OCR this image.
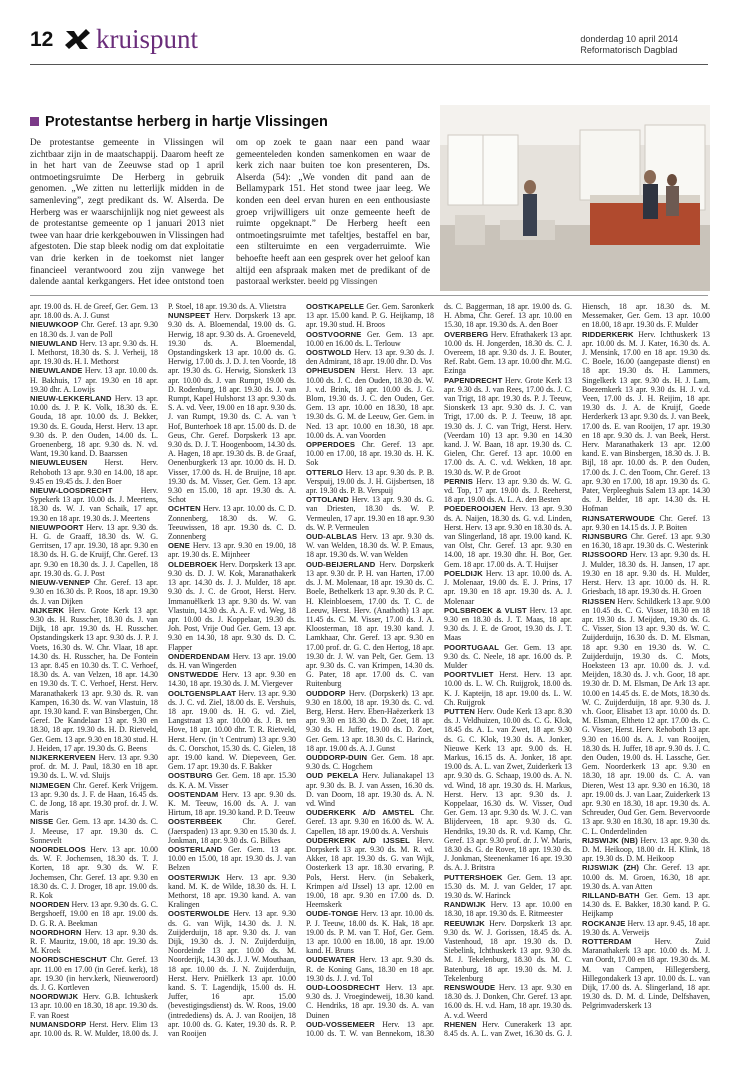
12 kruispunt	donderdag 10 april 2014
Reformatorisch Dagblad
Protestantse herberg in hartje Vlissingen
De protestantse gemeente in Vlissingen wil zichtbaar zijn in de maatschappij. Daarom heeft ze in het hart van de Zeeuwse stad op 1 april ontmoetingsruimte De Herberg in gebruik genomen. „We zitten nu letterlijk midden in de samenleving”, zegt predikant ds. W. Alserda. De Herberg was er waarschijnlijk nog niet geweest als de protestantse gemeente op 1 januari 2013 niet twee van haar drie kerkgebouwen in Vlissingen had afgestoten. Die stap bleek nodig om dat exploitatie van drie kerken in de toekomst niet langer financieel verantwoord zou zijn vanwege het dalende aantal kerkgangers. Het idee ontstond toen om op zoek te gaan naar een pand waar gemeenteleden konden samenkomen en waar de kerk zich naar buiten toe kon presenteren, Ds. Alserda (54): „We vonden dit pand aan de Bellamypark 151. Het stond twee jaar leeg. We konden een deel ervan huren en een enthousiaste groep vrijwilligers uit onze gemeente heeft de ruimte opgeknapt.” De Herberg heeft een ontmoetingsruimte met tafeltjes, bestaffel en bar, een stilteruimte en een vergaderruimte. Wie behoefte heeft aan een gesprek over het geloof kan altijd een afspraak maken met de predikant of de pastoraal werkster. beeld pg Vlissingen

apr. 19.00 ds. H. de Greef, Ger. Gem. 13 apr. 18.00 ds. A. J. Gunst

NIEUWKOOP Chr. Geref. 13 apr. 9.30 en 18.30 ds. J. van de Poll

NIEUWLAND Herv. 13 apr. 9.30 ds. H. I. Methorst, 18.30 ds. S. J. Verheij, 18 apr. 19.30 ds. H. I. Methorst

NIEUWLANDE Herv. 13 apr. 10.00 ds. H. Bakhuis, 17 apr. 19.30 en 18 apr. 19.30 dhr. A. Lowijs

NIEUW-LEKKERLAND Herv. 13 apr. 10.00 ds. J. P. K. Volk, 18.30 ds. E. Gouda, 18 apr. 10.00 ds. J. Bekker, 19.30 ds. E. Gouda, Herst. Herv. 13 apr. 9.30 ds. P. den Ouden, 14.00 ds. L. Groenenberg, 18 apr. 9.30 ds. N. vd. Want, 19.30 kand. D. Baarssen

NIEUWLEUSEN Herst. Herv. Rehoboth 13 apr. 9.30 en 14.00, 18 apr. 9.45 en 19.45 ds. J. den Boer

NIEUW-LOOSDRECHT	Herv. Sypekerk 13 apr. 10.00 ds. J. Meertens, 18.30 ds. W. J. van Schaik, 17 apr. 19.30 en 18 apr. 19.30 ds. J. Meertens

NIEUWPOORT Herv. 13 apr. 9.30 ds. H. G. de Graaff, 18.30 ds. W. G. Gerritsen, 17 apr. 19.30, 18 apr. 9.30 en 18.30 ds. H. G. de Kruijf, Chr. Geref. 13 apr. 9.30 en 18.30 ds. J. J. Capellen, 18 apr. 19.30 ds. G. J. Post

NIEUW-VENNEP Chr. Geref. 13 apr. 9.30 en 16.30 ds. P. Roos, 18 apr. 19.30 ds. J. van Dijken

NIJKERK Herv. Grote Kerk 13 apr. 9.30 ds. H. Russcher, 18.30 ds. J. van Dijk, 18 apr. 19.30 ds. H. Russcher. Opstandingskerk 13 apr. 9.30 ds. J. P. J. Voets, 16.30 ds. W. Chr. Vlaar, 18 apr. 14.30 ds. H. Russcher, ha. De Fontein 13 apr. 8.45 en 10.30 ds. T. C. Verhoef, 18.30 ds. A. van Velzen, 18 apr. 14.30 en 19.30 ds. T. C. Verhoef, Herst. Herv. Maranathakerk 13 apr. 9.30 ds. R. van Kampen, 16.30 ds. W. van Vlastuin, 18 apr. 19.30 kand. F. van Binsbergen, Chr. Geref. De Kandelaar 13 apr. 9.30 en 18.30, 18 apr. 19.30 ds. H. D. Rietveld, Ger. Gem. 13 apr. 9.30 en 18.30 stud. H. J. Heiden, 17 apr. 19.30 ds. G. Beens

NIJKERKERVEEN Herv. 13 apr. 9.30 prof. dr. M. J. Paul, 18.30 en 18 apr. 19.30 ds. L. W. vd. Sluijs

NIJMEGEN Chr. Geref. Kerk Vrijgem. 13 apr. 9.30 ds. J. F. de Haan, 16.45 ds. C. de Jong, 18 apr. 19.30 prof. dr. J. W. Maris

NISSE Ger. Gem. 13 apr. 14.30 ds. C. J. Meeuse, 17 apr. 19.30 ds. C. Sonnevelt

NOORDELOOS Herv. 13 apr. 10.00 ds. W. F. Jochemsen, 18.30 ds. T. J. Korten, 18 apr. 9.30 ds. W. F. Jochemsen, Chr. Geref. 13 apr. 9.30 en 18.30 ds. C. J. Droger, 18 apr. 19.00 ds. R. Kok

NOORDEN Herv. 13 apr. 9.30 ds. G. C. Bergshoeff, 19.00 en 18 apr. 19.00 ds. D. G. R. A. Beekman

NOORDHORN Herv. 13 apr. 9.30 ds. R. F. Mauritz, 19.00, 18 apr. 19.30 ds. M. Kroek

NOORDSCHESCHUT Chr. Geref. 13 apr. 11.00 en 17.00 (in Geref. kerk), 18 apr. 19.30 (in herv.kerk, Nieuweroord) ds. J. G. Kortleven

NOORDWIJK Herv. G.B. Ichtuskerk 13 apr. 10.00 en 18.30, 18 apr. 19.30 ds. F. van Roest

NUMANSDORP Herst. Herv. Elim 13 apr. 10.00 ds. R. W. Mulder, 18.00 ds. J. P. Stoel, 18 apr. 19.30 ds. A. Vlietstra

NUNSPEET Herv. Dorpskerk 13 apr. 9.30 ds. A. Bloemendal, 19.00 ds. G. Herwig, 18 apr. 9.30 ds. A. Groeneveld, 19.30 ds. A. Bloemendal, Opstandingskerk 13 apr. 10.00 ds. G. Herwig, 17.00 ds. J. D. J. ten Voorde, 18 apr. 19.30 ds. G. Herwig, Sionskerk 13 apr. 10.00 ds. J. van Rumpt, 19.00 ds. D. Rodenburg, 18 apr. 19.30 ds. J. van Rumpt, Kapel Hulshorst 13 apr. 9.30 ds. S. A. vd. Veer, 19.00 en 18 apr. 9.30 ds. J. van Rumpt, 19.30 ds. C. A. van 't Hof, Bunterhoek 18 apr. 15.00 ds. D. de Geus, Chr. Geref. Dorpskerk 13 apr. 9.30 ds. D. J. T. Hoogenboom, 14.30 ds. A. Hagen, 18 apr. 19.30 ds. B. de Graaf, Oenenburgkerk 13 apr. 10.00 ds. H. D. Visser, 17.00 ds. H. de Bruijne, 18 apr. 19.30 ds. M. Visser, Ger. Gem. 13 apr. 9.30 en 15.00, 18 apr. 19.30 ds. A. Schot

OCHTEN Herv. 13 apr. 10.00 ds. C. D. Zonnenberg, 18.30 ds. W. G. Teeuwissen, 18 apr. 19.30 ds. C. D. Zonnenberg

OENE Herv. 13 apr. 9.30 en 19.00, 18 apr. 19.30 ds. E. Mijnheer

OLDEBROEK Herv. Dorpskerk 13 apr. 9.30 ds. D. J. W. Kok, Maranathakerk 13 apr. 14.30 ds. J. J. Mulder, 18 apr. 9.30 ds. J. C. de Groot, Herst. Herv. Immanuëlkerk 13 apr. 9.30 ds. W. van Vlastuin, 14.30 ds. A. A. F. vd. Weg, 18 apr. 10.00 ds. J. Koppelaar, 19.30 ds. Joh. Post, Vrije Oud Ger. Gem. 13 apr. 9.30 en 14.30, 18 apr. 9.30 ds. D. C. Flapper

ONDERDENDAM Herv. 13 apr. 19.00 ds. H. van Wingerden

ONSTWEDDE Herv. 13 apr. 9.30 en 14.30, 18 apr. 19.30 ds. J. M. Viergever

OOLTGENSPLAAT Herv. 13 apr. 9.30 ds. J. C. vd. Ziel, 18.00 ds. E. Vershuis, 18 apr. 19.00 ds. H. G. vd. Ziel, Langstraat 13 apr. 10.00 ds. J. B. ten Hove, 18 apr. 10.00 dhr. T. R. Rietveld, Herst. Herv. (in 't Centrum) 13 apr. 9.30 ds. C. Oorschot, 15.30 ds. C. Gielen, 18 apr. 19.00 kand. W. Diepeveen, Ger. Gem. 17 apr. 19.30 ds. F. Bakker

OOSTBURG Ger. Gem. 18 apr. 15.30 ds. K. A. M. Visser

OOSTENDAM Herv. 13 apr. 9.30 ds. K. M. Teeuw, 16.00 ds. A. J. van Hirtum, 18 apr. 19.30 kand. P. D. Teeuw

OOSTERBEEK	Chr. Geref. (Jaerspaden) 13 apr. 9.30 en 15.30 ds. J. Jonkman, 18 apr. 9.30 ds. G. Bilkes

OOSTERLAND Ger. Gem. 13 apr. 10.00 en 15.00, 18 apr. 19.30 ds. J. van Belzen

OOSTERWIJK Herv. 13 apr. 9.30 kand. M. K. de Wilde, 18.30 ds. H. I. Methorst, 18 apr. 19.30 kand. A. van Kralingen

OOSTERWOLDE Herv. 13 apr. 9.30 ds. G. van Wijk, 14.30 ds. J. N. Zuijderduijn, 18 apr. 9.30 ds. J. van Dijk, 19.30 ds. J. N. Zuijderduijn, Noordeinde 13 apr. 10.00 ds. M. Noorderijk, 14.30 ds. J. J. W. Mouthaan, 18 apr. 10.00 ds. J. N. Zuijderduijn, Herst. Herv. Pniëlkerk 13 apr. 10.00 kand. S. T. Lagendijk, 15.00 ds. H. Juffer, 16 apr. 15.00 (bevestigingsdienst) ds. W. Roos, 19.00 (intredediens) ds. A. J. van Rooijen, 18 apr. 10.00 ds. G. Kater, 19.30 ds. R. P. van Rooijen

OOSTKAPELLE Ger. Gem. Saronkerk 13 apr. 15.00 kand. P. G. Heijkamp, 18 apr. 19.30 stud. H. Broos

OOSTVOORNE Ger. Gem. 13 apr. 10.00 en 16.00 ds. L. Terlouw

OOSTWOLD Herv. 13 apr. 9.30 ds. J. den Admirant, 18 apr. 19.00 dhr. D. Vos

OPHEUSDEN Herst. Herv. 13 apr. 10.00 ds. J. C. den Ouden, 18.30 ds. W. J. v.d. Brink, 18 apr. 10.00 ds. J. G. Blom, 19.30 ds. J. C. den Ouden, Ger. Gem. 13 apr. 10.00 en 18.30, 18 apr. 19.30 ds. G. M. de Leeuw, Ger. Gem. in Ned. 13 apr. 10.00 en 18.30, 18 apr. 10.00 ds. A. van Voorden

OPPERDOES Chr. Geref. 13 apr. 10.00 en 17.00, 18 apr. 19.30 ds. H. K. Sok

OTTERLO Herv. 13 apr. 9.30 ds. P. B. Verspuij, 19.00 ds. J. H. Gijsbertsen, 18 apr. 19.30 ds. P. B. Verspuij

OTTOLAND Herv. 13 apr. 9.30 ds. G. van Driesten, 18.30 ds. W. P. Vermeulen, 17 apr. 19.30 en 18 apr. 9.30 ds. W. P. Vermeulen

OUD-ALBLAS Herv. 13 apr. 9.30 ds. W. van Welden, 18.30 ds. W. P. Emaus, 18 apr. 19.30 ds. W. van Welden

OUD-BEIJERLAND Herv. Dorpskerk 13 apr. 9.30 dr. P. H. van Harten, 17.00 ds. J. M. Molenaar, 18 apr. 19.30 ds. C. Boele, Bethelkerk 13 apr. 9.30 ds. P. C. H. Kleinbloesem, 17.00 ds. T. C. de Leeuw, Herst. Herv. (Anathoth) 13 apr. 11.45 ds. C. M. Visser, 17.00 ds. J. A. Kloosterman, 18 apr. 19.30 kand. J. Lamkhaar, Chr. Geref. 13 apr. 9.30 en 17.00 prof. dr. G. C. den Hertog, 18 apr. 19.30 dr. J. W. van Pelt, Ger. Gem. 13 apr. 9.30 ds. C. van Krimpen, 14.30 ds. G. Pater, 18 apr. 17.00 ds. C. van Ruitenburg

OUDDORP Herv. (Dorpskerk) 13 apr. 9.30 en 18.00, 18 apr. 19.30 ds. C. vd. Berg, Herst. Herv. Eben-Haëzerkerk 13 apr. 9.30 en 18.30 ds. D. Zoet, 18 apr. 9.30 ds. H. Juffer, 19.00 ds. D. Zoet, Ger. Gem. 13 apr. 18.30 ds. C. Harinck, 18 apr. 19.00 ds. A. J. Gunst

OUDDORP-DUIN Ger. Gem. 18 apr. 9.30 ds. C. Hogchem

OUD PEKELA Herv. Julianakapel 13 apr. 9.30 ds. B. J. van Assen, 16.30 ds. D. van Doorn, 18 apr. 19.30 ds. A. N. vd. Wind

OUDERKERK A/D AMSTEL Chr. Geref. 13 apr. 9.30 en 16.00 ds. W. A. Capellen, 18 apr. 19.00 ds. A. Vershuis

OUDERKERK A/D IJSSEL Herv. Dorpskerk 13 apr. 9.30 ds. M. R. vd. Akker, 18 apr. 19.30 ds. G. van Wijk, Oosterkerk 13 apr. 18.30 ervaring, P. Pols, Herst. Herv. (in Sebakerk, Krimpen a/d IJssel) 13 apr. 12.00 en 19.00, 18 apr. 9.30 en 17.00 ds. D. Heemskerk

OUDE-TONGE Herv. 13 apr. 10.00 ds. P. J. Teeuw, 18.00 ds. K. Hak, 18 apr. 19.00 ds. P. M. van T. Hof, Ger. Gem. 13 apr. 10.00 en 18.00, 18 apr. 19.00 kand. H. Bruns

OUDEWATER Herv. 13 apr. 9.30 ds. R. de Koning Gans, 18.30 en 18 apr. 19.30 ds. J. J. vd. Tol

OUD-LOOSDRECHT Herv. 13 apr. 9.30 ds. J. Vroegindeweij, 18.30 kand. C. Hendriks, 18 apr. 19.30 ds. A. van Duinen

OUD-VOSSEMEER Herv. 13 apr. 10.00 ds. T. W. van Bennekom, 18.30 ds. C. Baggerman, 18 apr. 19.00 ds. G. H. Abma, Chr. Geref. 13 apr. 10.00 en 15.30, 18 apr. 19.30 ds. A. den Boer

OVERBERG Herv. Efrathakerk 13 apr. 10.00 ds. H. Jongerden, 18.30 ds. C. J. Overeem, 18 apr. 9.30 ds. J. E. Bouter, Ref. Rabt. Gem. 13 apr. 10.00 dhr. M.G. Ezinga

PAPENDRECHT Herv. Grote Kerk 13 apr. 9.30 ds. J. van Rees, 17.00 ds. J. C. van Trigt, 18 apr. 19.30 ds. P. J. Teeuw, Sionskerk 13 apr. 9.30 ds. J. C. van Trigt, 17.00 ds. P. J. Teeuw, 18 apr. 19.30 ds. J. C. van Trigt, Herst. Herv. (Veerdam 10) 13 apr. 9.30 en 14.30 kand. J. W. Baan, 18 apr. 19.30 ds. C. Gielen, Chr. Geref. 13 apr. 10.00 en 17.00 ds. A. C. v.d. Wekken, 18 apr. 19.30 ds. W. P. de Groot

PERNIS Herv. 13 apr. 9.30 ds. W. G. vd. Top, 17 apr. 19.00 ds. J. Reeherst, 18 apr. 19.00 ds. A. L. A. den Besten

POEDEROOIJEN Herv. 13 apr. 9.30 ds. A. Naijen, 18.30 ds. G. v.d. Linden, Herst. Herv. 13 apr. 9.30 en 18.30 ds. A. van Slingerland, 18 apr. 19.00 kand. K. van Olst, Chr. Geref. 13 apr. 9.30 en 14.00, 18 apr. 19.30 dhr. H. Bor, Ger. Gem. 18 apr. 17.00 ds. A. T. Huijser

POELDIJK Herv. 13 apr. 10.00 ds. A. J. Molenaar, 19.00 ds. E. J. Prins, 17 apr. 19.30 en 18 apr. 19.30 ds. A. J. Molenaar

POLSBROEK & VLIST Herv. 13 apr. 9.30 en 18.30 ds. J. T. Maas, 18 apr. 9.30 ds. J. E. de Groot, 19.30 ds. J. T. Maas

POORTUGAAL Ger. Gem. 13 apr. 9.30 ds. C. Neele, 18 apr. 16.00 ds. P. Mulder

POORTVLIET Herst. Herv. 13 apr. 10.00 ds. L. W. Ch. Ruijgrok, 18.00 ds. K. J. Kapteijn, 18 apr. 19.00 ds. L. W. Ch. Ruijgrok

PUTTEN Herv. Oude Kerk 13 apr. 8.30 ds. J. Veldhuizen, 10.00 ds. C. G. Klok, 18.45 ds. A. L. van Zwet, 18 apr. 9.30 ds. G. C. Klok, 19.30 ds. A. Jonker, Nieuwe Kerk 13 apr. 9.00 ds. H. Markus, 16.15 ds. A. Jonker, 18 apr. 19.00 ds. A. L. van Zwet, Zuiderkerk 13 apr. 9.30 ds. G. Schaap, 19.00 ds. A. N. vd. Wind, 18 apr. 19.30 ds. H. Markus, Herst. Herv. 13 apr. 9.30 ds. J. Koppelaar, 16.30 ds. W. Visser, Oud Ger. Gem. 13 apr. 9.30 ds. W. J. C. van Blijderveen, 18 apr. 9.30 ds. G. Hendriks, 19.30 ds. R. v.d. Kamp, Chr. Geref. 13 apr. 9.30 prof. dr. J. W. Maris, 18.30 ds. G. de Rover, 18 apr. 19.30 ds. J. Jonkman, Steenenkamer 16 apr. 19.30 ds. A. J. Britstra

PUTTERSHOEK Ger. Gem. 13 apr. 15.30 ds. M. J. van Gelder, 17 apr. 19.30 ds. W. Harinck

RANDWIJK Herv. 13 apr. 10.00 en 18.30, 18 apr. 19.30 ds. E. Ritmeester

REEUWIJK Herv. Dorpskerk 13 apr. 9.30 ds. W. J. Gorissen, 18.45 ds. A. Vastenhoud, 18 apr. 19.30 ds. D. Siebelink, Ichthuskerk 13 apr. 9.30 ds. M. J. Tekelenburg, 18.30 ds. M. C. Batenburg, 18 apr. 19.30 ds. M. J. Tekelenburg

RENSWOUDE Herv. 13 apr. 9.30 en 18.30 ds. J. Donken, Chr. Geref. 13 apr. 16.00 ds. H. v.d. Ham, 18 apr. 19.30 ds. A. v.d. Weerd

RHENEN Herv. Cunerakerk 13 apr. 8.45 ds. A. L. van Zwet, 16.30 ds. G. J. Hiensch, 18 apr. 18.30 ds. M. Messemaker, Ger. Gem. 13 apr. 10.00 en 18.00, 18 apr. 19.30 ds. F. Mulder

RIDDERKERK Herv. Ichthuskerk 13 apr. 10.00 ds. M. J. Kater, 16.30 ds. A. J. Mensink, 17.00 en 18 apr. 19.30 ds. C. Boele, 16.00 (aangepaste dienst) en 18 apr. 19.30 ds. H. Lammers, Singelkerk 13 apr. 9.30 ds. H. J. Lam, Boezemkerk 13 apr. 9.30 ds. H. J. v.d. Veen, 17.00 ds. J. H. Reijim, 18 apr. 19.30 ds. J. A. de Kruijf, Goede Herderkerk 13 apr. 9.30 ds. J. van Beek, 17.00 ds. E. van Rooijen, 17 apr. 19.30 en 18 apr. 9.30 ds. J. van Beek, Herst. Herv. Maranathakerk 13 apr. 12.00 kand. E. van Binsbergen, 18.30 ds. J. B. Bijl, 18 apr. 10.00 ds. P. den Ouden, 17.00 ds. J. C. den Toom, Chr. Geref. 13 apr. 9.30 en 17.00, 18 apr. 19.30 ds. G. Pater, Verpleeghuis Salem 13 apr. 14.30 ds. J. Belder, 18 apr. 14.30 ds. H. Hofman

RIJNSATERWOUDE Chr. Geref. 13 apr. 9.30 en 14.15 ds. J. P. Boiten

RIJNSBURG Chr. Geref. 13 apr. 9.30 en 16.30, 18 apr. 19.30 ds. C. Westerink

RIJSSOORD Herv. 13 apr. 9.30 ds. H. J. Mulder, 18.30 ds. H. Jansen, 17 apr. 19.30 en 18 apr. 9.30 ds. H. Mulder, Herst. Herv. 13 apr. 10.00 ds. H. R. Griesbach, 18 apr. 19.30 ds. H. Groen

RIJSSEN Herv. Schildkerk 13 apr. 9.00 en 10.45 ds. C. G. Visser, 18.30 en 18 apr. 19.30 ds. J. Meijden, 19.30 ds. G. C. Visser, Sion 13 apr. 9.30 ds. W. C. Zuijderduijn, 16.30 ds. D. M. Elsman, 18 apr. 9.30 en 19.30 ds. W. C. Zuijderduijn, 19.30 ds. C. Mots, Hoeksteen 13 apr. 10.00 ds. J. v.d. Meijden, 18.30 ds. J. v.h. Goor, 18 apr. 19.30 dr. D. M. Elsman, De Ark 13 apr. 10.00 en 14.45 ds. E. de Mots, 18.30 ds. W. C. Zuijderduijn, 18 apr. 9.30 ds. J. v.h. Goor, Elisabet 13 apr. 10.00 ds. D. M. Elsman, Eltheto 12 apr. 17.00 ds. C. G. Visser, Herst. Herv. Rehoboth 13 apr. 9.30 en 16.00 ds. A. J. van Rooijen, 18.30 ds. H. Juffer, 18 apr. 9.30 ds. J. C. den Ouden, 19.00 ds. H. Lassche, Ger. Gem. Noorderkerk 13 apr. 9.30 en 18.30, 18 apr. 19.00 ds. C. A. van Dieren, West 13 apr. 9.30 en 16.30, 18 apr. 19.00 ds. J. van Laar, Zuiderkerk 13 apr. 9.30 en 18.30, 18 apr. 19.30 ds. A. Schreuder, Oud Ger. Gem. Bevervoorde 13 apr. 9.30 en 18.30, 18 apr. 19.30 ds. C. L. Onderdelinden

RIJSWIJK (NB) Herv. 13 apr. 9.30 ds. D. M. Heikoop, 18.00 dr. H. Klink, 18 apr. 19.30 ds. D. M. Heikoop

RIJSWIJK (ZH) Chr. Geref. 13 apr. 10.00 ds. M. Groen, 16.30, 18 apr. 19.30 ds. A. van Atten

RILLAND-BATH Ger. Gem. 13 apr. 14.30 ds. E. Bakker, 18.30 kand. P. G. Heijkamp

ROCKANJE Herv. 13 apr. 9.45, 18 apr. 19.30 ds. A. Verweijs

ROTTERDAM	Herv. Zuid Maranathakerk 13 apr. 10.00 ds. M. J. van Oordt, 17.00 en 18 apr. 19.30 ds. M. M. van Campen, Hillegersberg, Hillegondakerk 13 apr. 10.00 ds. L. van Dijk, 17.00 ds. A. Slingerland, 18 apr. 19.30 ds. D. M. d. Linde, Delfshaven, Pelgrimvaderskerk 13
